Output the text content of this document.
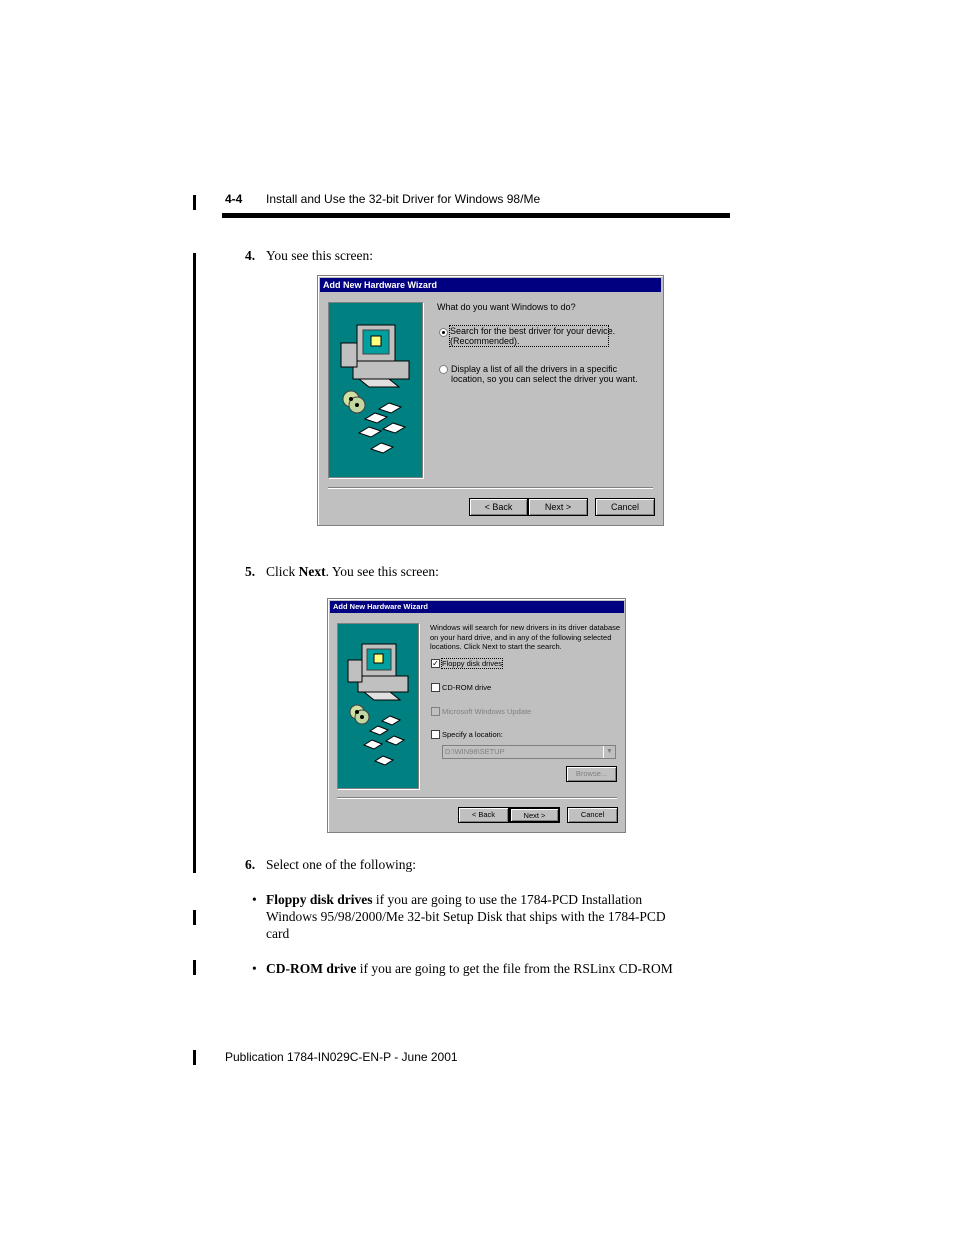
4-4 Install and Use the 32-bit Driver for Windows 98/Me
4. You see this screen:
Add New Hardware Wizard
What do you want Windows to do?
Search for the best driver for your device.
(Recommended).
Display a list of all the drivers in a specific
location, so you can select the driver you want.
< Back	Next >	Cancel
5. Click Next. You see this screen:
Add New Hardware Wizard
Windows will search for new drivers in its driver database
on your hard drive, and in any of the following selected
locations. Click Next to start the search.
✓ Floppy disk drives
CD-ROM drive
Microsoft Windows Update
Specify a location:
D:\WIN98\SETUP	▼
Browse...
< Back	Next >	Cancel
6. Select one of the following:
• Floppy disk drives if you are going to use the 1784-PCD Installation
Windows 95/98/2000/Me 32-bit Setup Disk that ships with the 1784-PCD
card
• CD-ROM drive if you are going to get the file from the RSLinx CD-ROM
Publication 1784-IN029C-EN-P - June 2001
